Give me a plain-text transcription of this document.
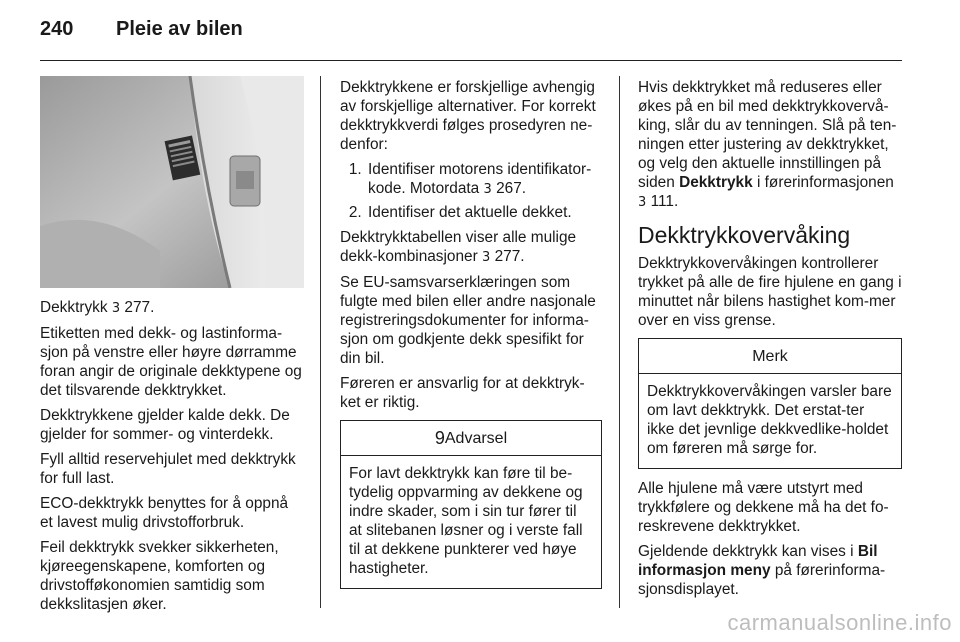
240 Pleie av bilen

Dekktrykk 3 277.

Etiketten med dekk- og lastinforma-sjon på venstre eller høyre dørramme foran angir de originale dekktypene og det tilsvarende dekktrykket.

Dekktrykkene gjelder kalde dekk. De gjelder for sommer- og vinterdekk.

Fyll alltid reservehjulet med dekktrykk for full last.

ECO-dekktrykk benyttes for å oppnå et lavest mulig drivstofforbruk.

Feil dekktrykk svekker sikkerheten, kjøreegenskapene, komforten og drivstofføkonomien samtidig som dekkslitasjen øker.

Dekktrykkene er forskjellige avhengig av forskjellige alternativer. For korrekt dekktrykkverdi følges prosedyren ne-denfor:

1. Identifiser motorens identifikator-kode. Motordata 3 267.
2. Identifiser det aktuelle dekket.

Dekktrykktabellen viser alle mulige dekk-kombinasjoner 3 277.

Se EU-samsvarserklæringen som fulgte med bilen eller andre nasjonale registreringsdokumenter for informa-sjon om godkjente dekk spesifikt for din bil.

Føreren er ansvarlig for at dekktryk-ket er riktig.

9Advarsel
For lavt dekktrykk kan føre til be-tydelig oppvarming av dekkene og indre skader, som i sin tur fører til at slitebanen løsner og i verste fall til at dekkene punkterer ved høye hastigheter.

Hvis dekktrykket må reduseres eller økes på en bil med dekktrykkovervå-king, slår du av tenningen. Slå på ten-ningen etter justering av dekktrykket, og velg den aktuelle innstillingen på siden Dekktrykk i førerinformasjonen
3 111.

Dekktrykkovervåking

Dekktrykkovervåkingen kontrollerer trykket på alle de fire hjulene en gang i minuttet når bilens hastighet kom-mer over en viss grense.

Merk
Dekktrykkovervåkingen varsler bare om lavt dekktrykk. Det erstat-ter ikke det jevnlige dekkvedlike-holdet om føreren må sørge for.

Alle hjulene må være utstyrt med trykkfølere og dekkene må ha det fo-reskrevene dekktrykket.

Gjeldende dekktrykk kan vises i Bil informasjon meny på førerinforma-sjonsdisplayet.

carmanualsonline.info
